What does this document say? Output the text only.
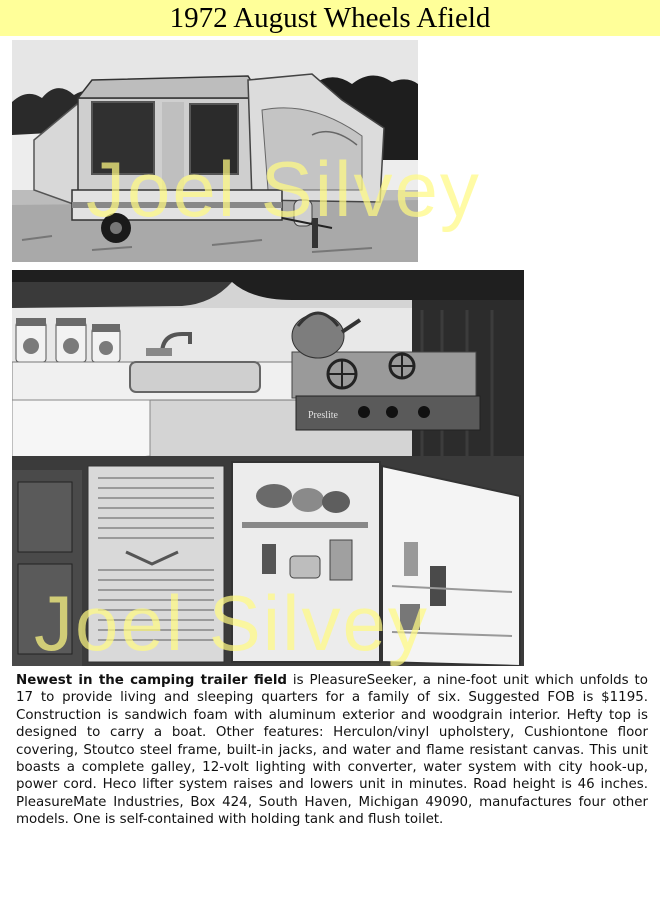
1972 August Wheels Afield
Preslite
Joel Silvey
Joel Silvey
Newest in the camping trailer field is PleasureSeeker, a nine-foot unit which unfolds to 17 to provide living and sleeping quarters for a family of six. Suggested FOB is $1195. Construction is sandwich foam with aluminum exterior and woodgrain interior. Hefty top is designed to carry a boat. Other features: Herculon/vinyl upholstery, Cushiontone floor covering, Stoutco steel frame, built-in jacks, and water and flame resistant canvas. This unit boasts a complete galley, 12-volt lighting with converter, water system with city hook-up, power cord. Heco lifter system raises and lowers unit in minutes. Road height is 46 inches. PleasureMate Industries, Box 424, South Haven, Michigan 49090, manufactures four other models. One is self-contained with holding tank and flush toilet.
